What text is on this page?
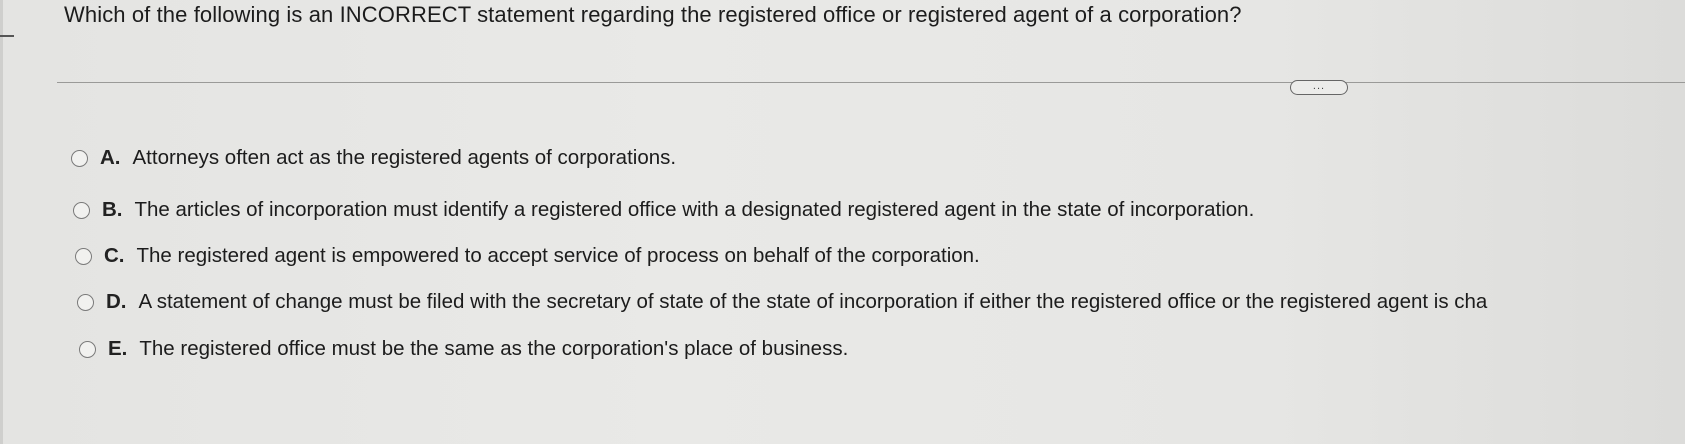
Which of the following is an INCORRECT statement regarding the registered office or registered agent of a corporation?
...
A. Attorneys often act as the registered agents of corporations.
B. The articles of incorporation must identify a registered office with a designated registered agent in the state of incorporation.
C. The registered agent is empowered to accept service of process on behalf of the corporation.
D. A statement of change must be filed with the secretary of state of the state of incorporation if either the registered office or the registered agent is cha
E. The registered office must be the same as the corporation's place of business.
